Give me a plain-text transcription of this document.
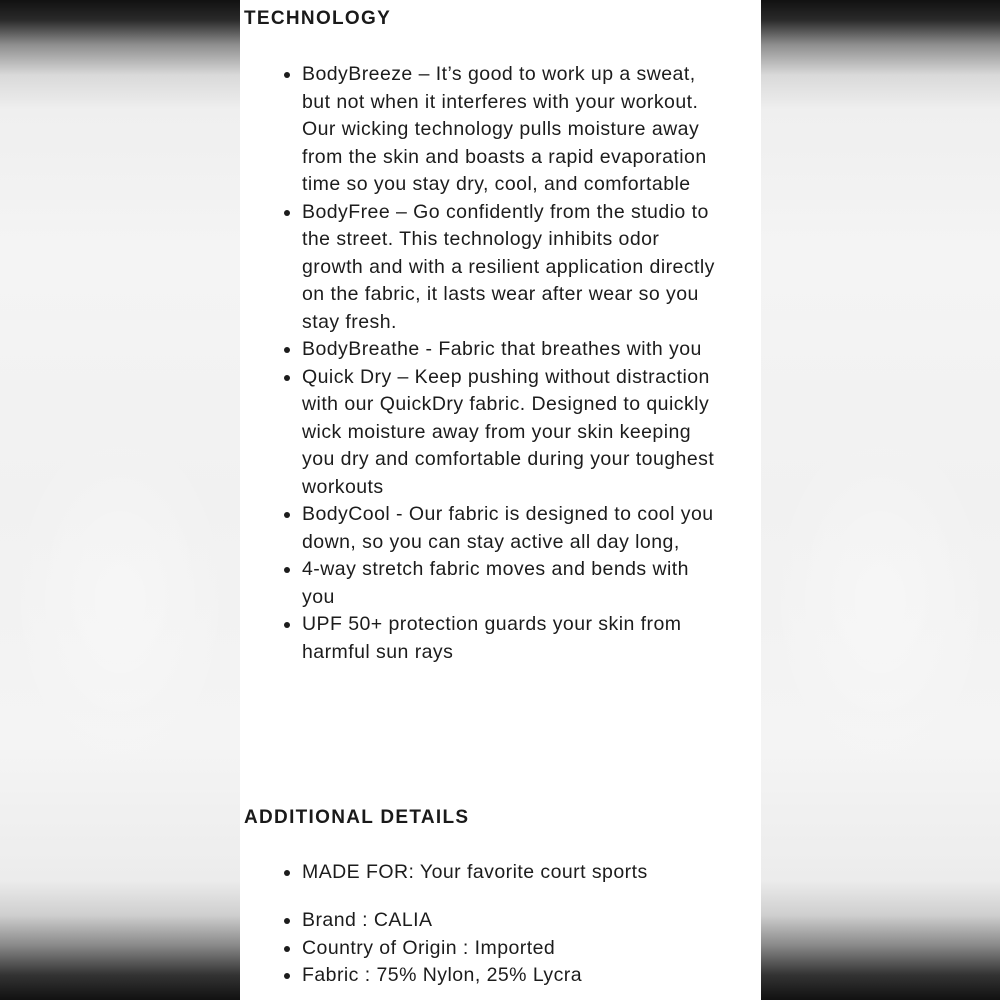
TECHNOLOGY
BodyBreeze – It’s good to work up a sweat, but not when it interferes with your workout. Our wicking technology pulls moisture away from the skin and boasts a rapid evaporation time so you stay dry, cool, and comfortable
BodyFree – Go confidently from the studio to the street. This technology inhibits odor growth and with a resilient application directly on the fabric, it lasts wear after wear so you stay fresh.
BodyBreathe - Fabric that breathes with you
Quick Dry – Keep pushing without distraction with our QuickDry fabric. Designed to quickly wick moisture away from your skin keeping you dry and comfortable during your toughest workouts
BodyCool - Our fabric is designed to cool you down, so you can stay active all day long,
4-way stretch fabric moves and bends with you
UPF 50+ protection guards your skin from harmful sun rays
ADDITIONAL DETAILS
MADE FOR: Your favorite court sports
Brand : CALIA
Country of Origin : Imported
Fabric : 75% Nylon, 25% Lycra
